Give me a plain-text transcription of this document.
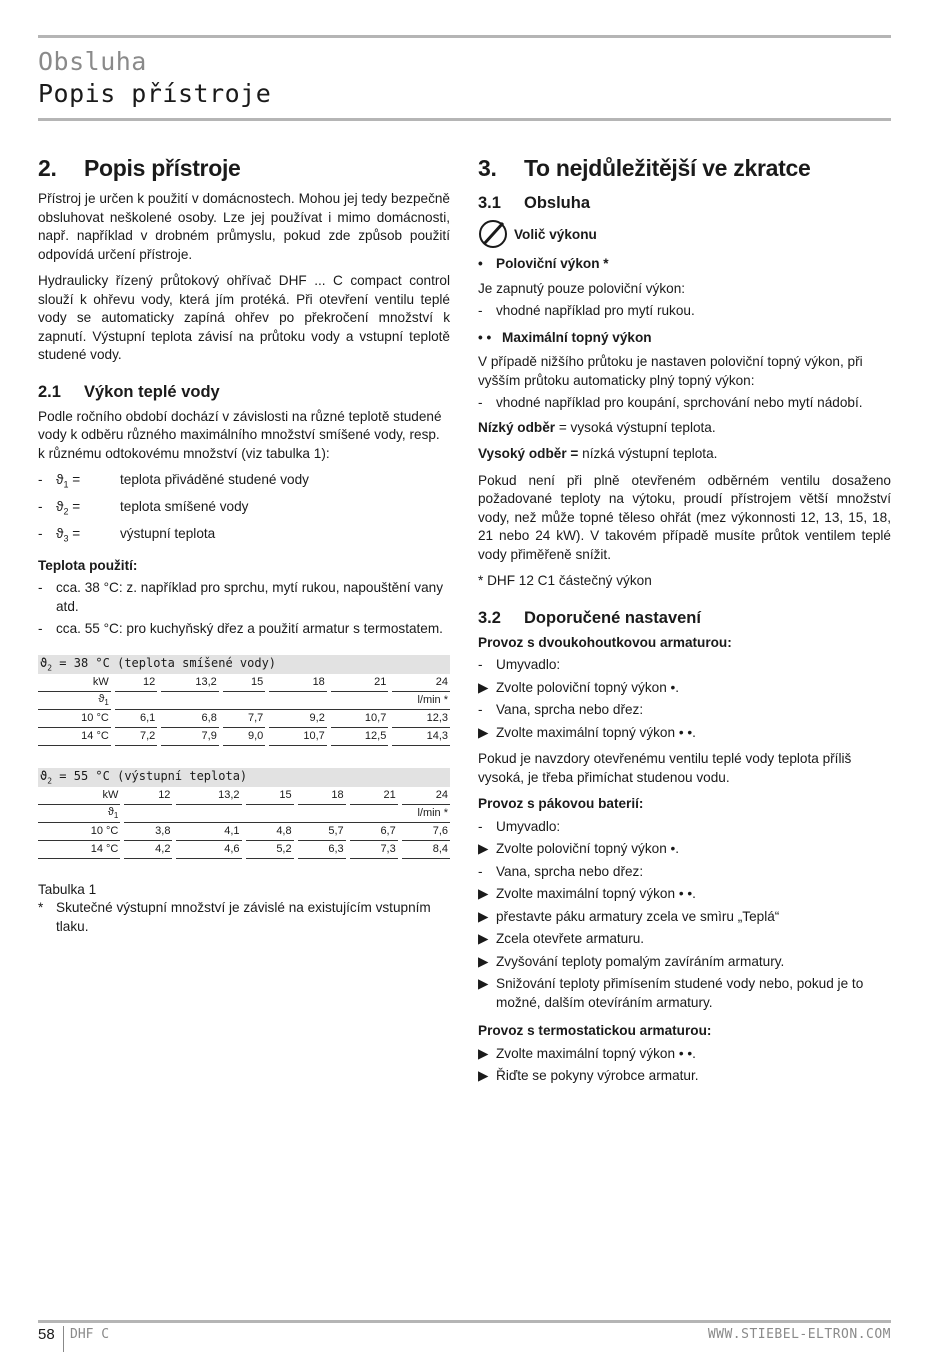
Obsluha
Popis přístroje
2.	Popis přístroje

Přístroj je určen k použití v domácnostech. Mohou jej tedy bezpečně obsluhovat neškolené osoby. Lze jej používat i mimo domácnosti, např. například v drobném průmyslu, pokud zde způsob použití odpovídá určení přístroje.

Hydraulicky řízený průtokový ohřívač DHF ... C compact control slouží k ohřevu vody, která jím protéká. Při otevření ventilu teplé vody se automaticky zapíná ohřev po překročení množství k zapnutí. Výstupní teplota závisí na průtoku vody a vstupní teplotě studené vody.

2.1	Výkon teplé vody

Podle ročního období dochází v závislosti na různé teplotě studené vody k odběru různého maximálního množství smíšené vody, resp. k různému odtokovému množství (viz tabulka 1):

- $ϑ_1$
=	teplota přiváděné studené vody
- $ϑ_2$
=	teplota smíšené vody
- $ϑ_3$
=	výstupní teplota

Teplota použití:

- cca. 38 °C: z. například pro sprchu, mytí rukou, napouštění vany atd.
- cca. 55 °C: pro kuchyňský dřez a použití armatur s termostatem.
$ϑ_2 = 38$ °C (teplota smíšené vody)												
kW		12		13,2		15		18		21		24
$ϑ_1$		l/min *										
10 °C		6,1		6,8		7,7		9,2		10,7		12,3
14 °C		7,2		7,9		9,0		10,7		12,5		14,3
$ϑ_2 = 55$ °C (výstupní teplota)												
kW		12		13,2		15		18		21		24
$ϑ_1$		l/min *										
10 °C		3,8		4,1		4,8		5,7		6,7		7,6
14 °C		4,2		4,6		5,2		6,3		7,3		8,4

Tabulka 1

* Skutečné výstupní množství je závislé na existujícím vstupním tlaku.
3.	To nejdůležitější ve zkratce
3.1	Obsluha
Volič výkonu
• Poloviční výkon *

Je zapnutý pouze poloviční výkon:

- vhodné například pro mytí rukou.
• • Maximální topný výkon

V případě nižšího průtoku je nastaven poloviční topný výkon, při vyšším průtoku automaticky plný topný výkon:

- vhodné například pro koupání, sprchování nebo mytí nádobí.

Nízký odběr = vysoká výstupní teplota.

Vysoký odběr = nízká výstupní teplota.

Pokud není při plně otevřeném odběrném ventilu dosaženo požadované teploty na výtoku, proudí přístrojem větší množství vody, než může topné těleso ohřát (mez výkonnosti 12, 13, 15, 18, 21 nebo 24 kW). V takovém případě musíte průtok ventilem teplé vody přiměřeně snížit.

* DHF 12 C1 částečný výkon

3.2	Doporučené nastavení

Provoz s dvoukohoutkovou armaturou:

- Umyvadlo:
▶ Zvolte poloviční topný výkon •.
- Vana, sprcha nebo dřez:
▶ Zvolte maximální topný výkon • •.

Pokud je navzdory otevřenému ventilu teplé vody teplota příliš vysoká, je třeba přimíchat studenou vodu.

Provoz s pákovou baterií:

- Umyvadlo:
▶ Zvolte poloviční topný výkon •.
- Vana, sprcha nebo dřez:
▶ Zvolte maximální topný výkon • •.
▶ přestavte páku armatury zcela ve smìru „Teplá“
▶ Zcela otevřete armaturu.
▶ Zvyšování teploty pomalým zavíráním armatury.
▶ Snižování teploty přimísením studené vody nebo, pokud je to možné, dalším otevíráním armatury.

Provoz s termostatickou armaturou:

▶ Zvolte maximální topný výkon • •.
▶ Řiďte se pokyny výrobce armatur.
58 DHF C	WWW.STIEBEL-ELTRON.COM
